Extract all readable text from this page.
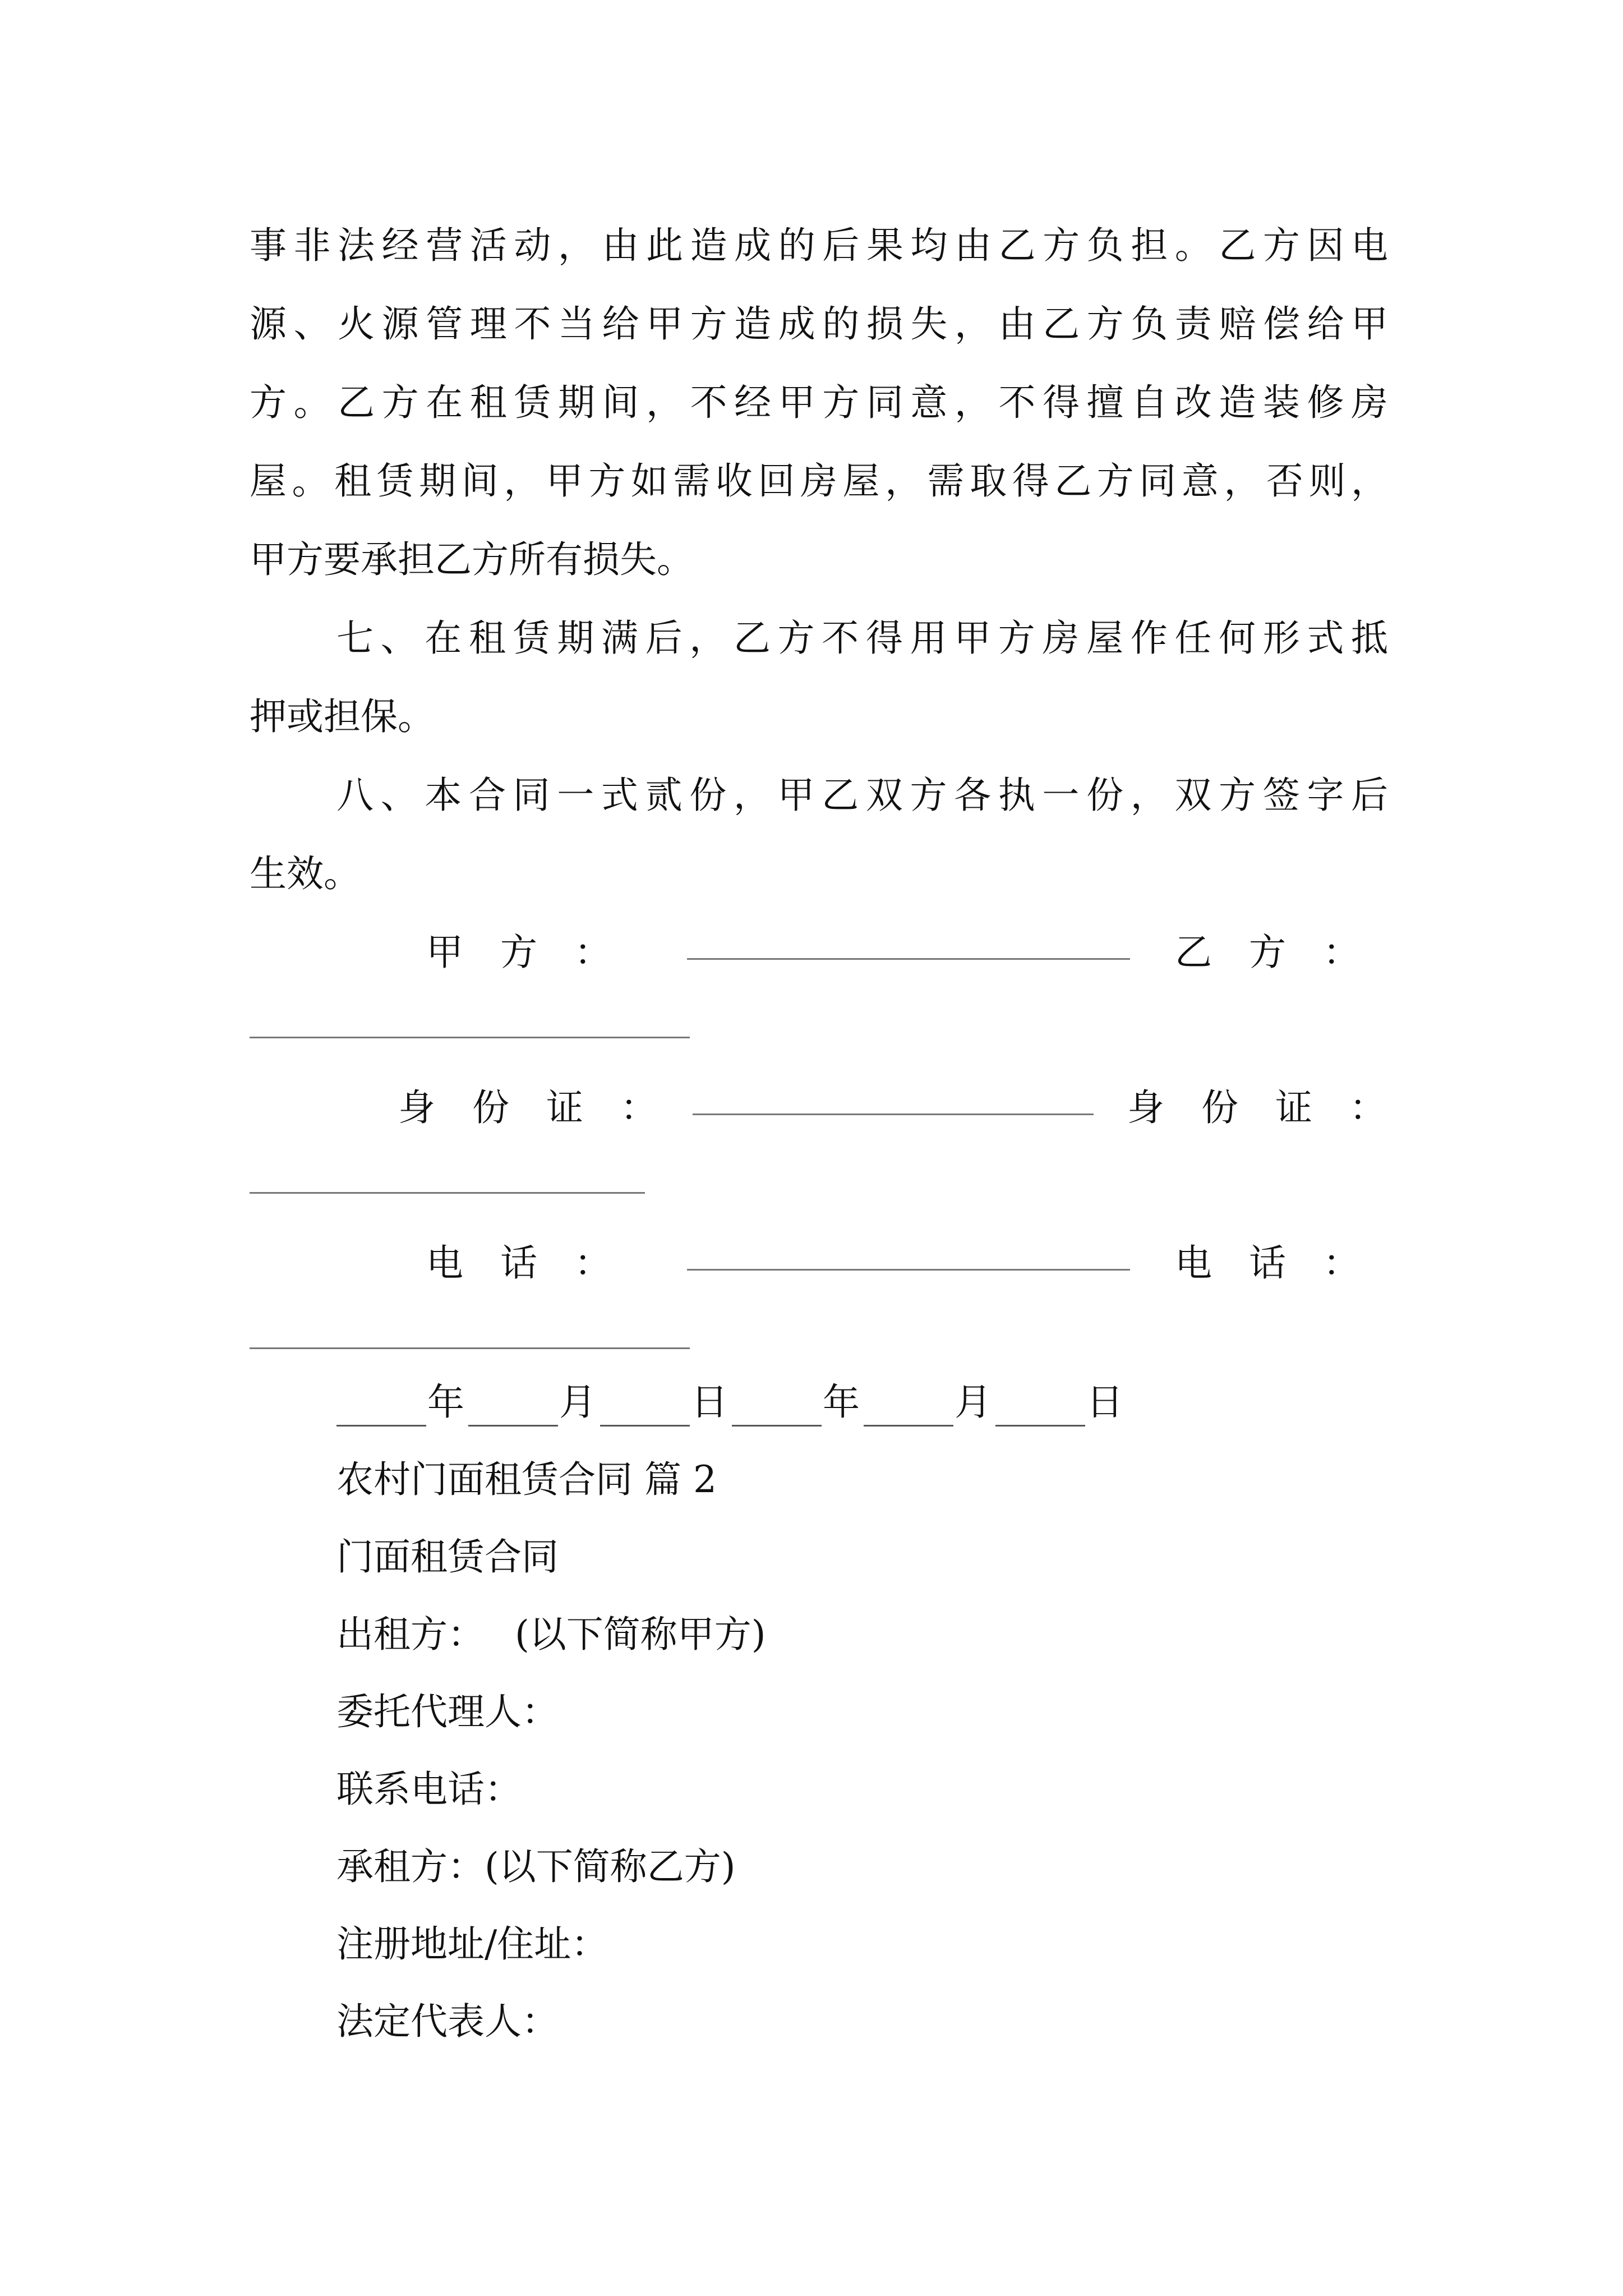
事非法经营活动，由此造成的后果均由乙方负担。乙方因电
源、火源管理不当给甲方造成的损失，由乙方负责赔偿给甲
方。乙方在租赁期间，不经甲方同意，不得擅自改造装修房
屋。租赁期间，甲方如需收回房屋，需取得乙方同意，否则，
甲方要承担乙方所有损失。
七、在租赁期满后，乙方不得用甲方房屋作任何形式抵
押或担保。
八、本合同一式贰份，甲乙双方各执一份，双方签字后
生效。
甲　方　：	乙　方　：
身　份　证　：	身　份　证　：
电　话　：	电　话　：
年	月	日	年	月	日
农村门面租赁合同 篇 2
门面租赁合同
出租方：　 (以下简称甲方)
委托代理人：
联系电话：
承租方：(以下简称乙方)
注册地址/住址：
法定代表人：
